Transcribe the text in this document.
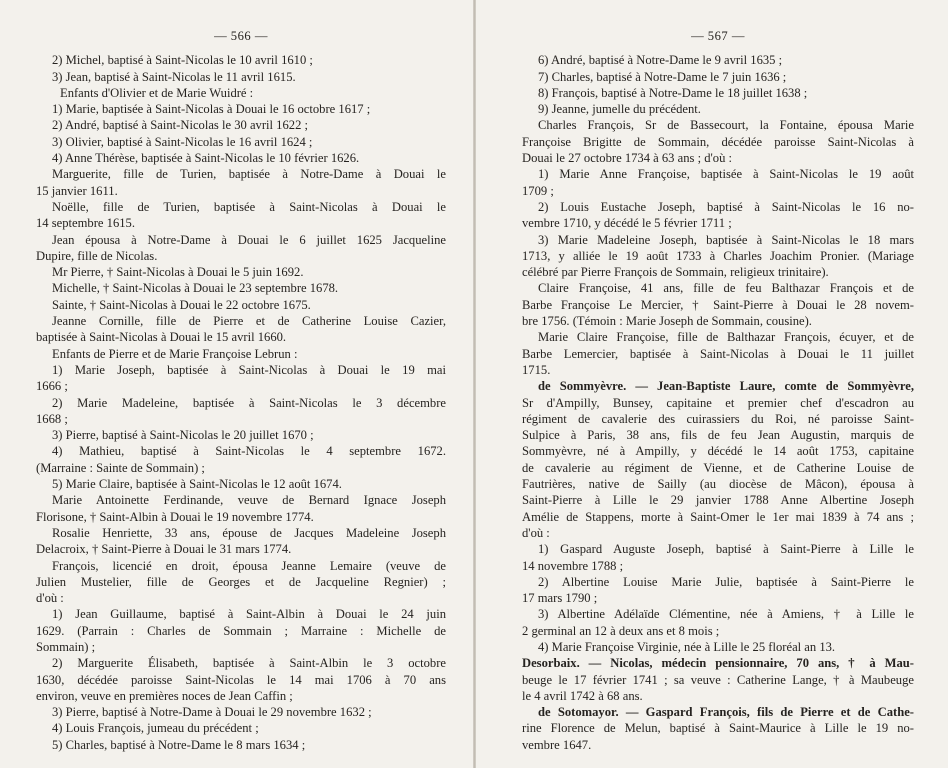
— 566 —

2) Michel, baptisé à Saint-Nicolas le 10 avril 1610 ;

3) Jean, baptisé à Saint-Nicolas le 11 avril 1615.

Enfants d'Olivier et de Marie Wuidré :

1) Marie, baptisée à Saint-Nicolas à Douai le 16 octobre 1617 ;

2) André, baptisé à Saint-Nicolas le 30 avril 1622 ;

3) Olivier, baptisé à Saint-Nicolas le 16 avril 1624 ;

4) Anne Thérèse, baptisée à Saint-Nicolas le 10 février 1626.

Marguerite, fille de Turien, baptisée à Notre-Dame à Douai le

15 janvier 1611.

Noëlle, fille de Turien, baptisée à Saint-Nicolas à Douai le

14 septembre 1615.

Jean épousa à Notre-Dame à Douai le 6 juillet 1625 Jacqueline

Dupire, fille de Nicolas.

Mr Pierre, † Saint-Nicolas à Douai le 5 juin 1692.

Michelle, † Saint-Nicolas à Douai le 23 septembre 1678.

Sainte, † Saint-Nicolas à Douai le 22 octobre 1675.

Jeanne Cornille, fille de Pierre et de Catherine Louise Cazier,

baptisée à Saint-Nicolas à Douai le 15 avril 1660.

Enfants de Pierre et de Marie Françoise Lebrun :

1) Marie Joseph, baptisée à Saint-Nicolas à Douai le 19 mai

1666 ;

2) Marie Madeleine, baptisée à Saint-Nicolas le 3 décembre

1668 ;

3) Pierre, baptisé à Saint-Nicolas le 20 juillet 1670 ;

4) Mathieu, baptisé à Saint-Nicolas le 4 septembre 1672.

(Marraine : Sainte de Sommain) ;

5) Marie Claire, baptisée à Saint-Nicolas le 12 août 1674.

Marie Antoinette Ferdinande, veuve de Bernard Ignace Joseph

Florisone, † Saint-Albin à Douai le 19 novembre 1774.

Rosalie Henriette, 33 ans, épouse de Jacques Madeleine Joseph

Delacroix, † Saint-Pierre à Douai le 31 mars 1774.

François, licencié en droit, épousa Jeanne Lemaire (veuve de

Julien Mustelier, fille de Georges et de Jacqueline Regnier) ;

d'où :

1) Jean Guillaume, baptisé à Saint-Albin à Douai le 24 juin

1629. (Parrain : Charles de Sommain ; Marraine : Michelle de

Sommain) ;

2) Marguerite Élisabeth, baptisée à Saint-Albin le 3 octobre

1630, décédée paroisse Saint-Nicolas le 14 mai 1706 à 70 ans

environ, veuve en premières noces de Jean Caffin ;

3) Pierre, baptisé à Notre-Dame à Douai le 29 novembre 1632 ;

4) Louis François, jumeau du précédent ;

5) Charles, baptisé à Notre-Dame le 8 mars 1634 ;

— 567 —

6) André, baptisé à Notre-Dame le 9 avril 1635 ;

7) Charles, baptisé à Notre-Dame le 7 juin 1636 ;

8) François, baptisé à Notre-Dame le 18 juillet 1638 ;

9) Jeanne, jumelle du précédent.

Charles François, Sr de Bassecourt, la Fontaine, épousa Marie

Françoise Brigitte de Sommain, décédée paroisse Saint-Nicolas à

Douai le 27 octobre 1734 à 63 ans ; d'où :

1) Marie Anne Françoise, baptisée à Saint-Nicolas le 19 août

1709 ;

2) Louis Eustache Joseph, baptisé à Saint-Nicolas le 16 no-

vembre 1710, y décédé le 5 février 1711 ;

3) Marie Madeleine Joseph, baptisée à Saint-Nicolas le 18 mars

1713, y alliée le 19 août 1733 à Charles Joachim Pronier. (Mariage

célébré par Pierre François de Sommain, religieux trinitaire).

Claire Françoise, 41 ans, fille de feu Balthazar François et de

Barbe Françoise Le Mercier, † Saint-Pierre à Douai le 28 novem-

bre 1756. (Témoin : Marie Joseph de Sommain, cousine).

Marie Claire Françoise, fille de Balthazar François, écuyer, et de

Barbe Lemercier, baptisée à Saint-Nicolas à Douai le 11 juillet

1715.

de Sommyèvre. — Jean-Baptiste Laure, comte de Sommyèvre,

Sr d'Ampilly, Bunsey, capitaine et premier chef d'escadron au

régiment de cavalerie des cuirassiers du Roi, né paroisse Saint-

Sulpice à Paris, 38 ans, fils de feu Jean Augustin, marquis de

Sommyèvre, né à Ampilly, y décédé le 14 août 1753, capitaine

de cavalerie au régiment de Vienne, et de Catherine Louise de

Fautrières, native de Sailly (au diocèse de Mâcon), épousa à

Saint-Pierre à Lille le 29 janvier 1788 Anne Albertine Joseph

Amélie de Stappens, morte à Saint-Omer le 1er mai 1839 à 74 ans ;

d'où :

1) Gaspard Auguste Joseph, baptisé à Saint-Pierre à Lille le

14 novembre 1788 ;

2) Albertine Louise Marie Julie, baptisée à Saint-Pierre le

17 mars 1790 ;

3) Albertine Adélaïde Clémentine, née à Amiens, † à Lille le

2 germinal an 12 à deux ans et 8 mois ;

4) Marie Françoise Virginie, née à Lille le 25 floréal an 13.

Desorbaix. — Nicolas, médecin pensionnaire, 70 ans, † à Mau-

beuge le 17 février 1741 ; sa veuve : Catherine Lange, † à Maubeuge

le 4 avril 1742 à 68 ans.

de Sotomayor. — Gaspard François, fils de Pierre et de Cathe-

rine Florence de Melun, baptisé à Saint-Maurice à Lille le 19 no-

vembre 1647.
